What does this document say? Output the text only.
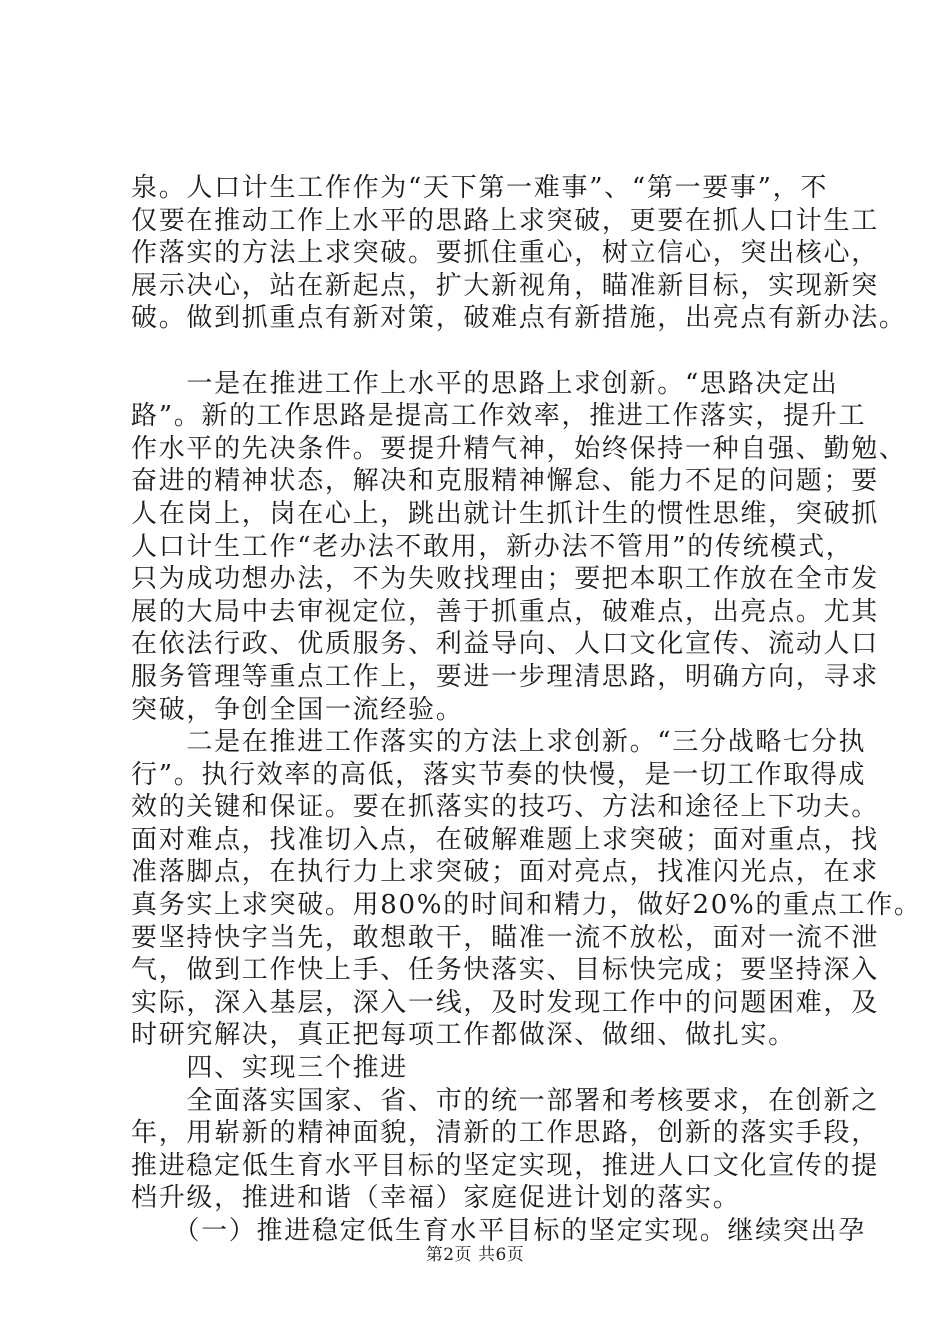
泉。人口计生工作作为“天下第一难事”、“第一要事”，不
仅要在推动工作上水平的思路上求突破，更要在抓人口计生工
作落实的方法上求突破。要抓住重心，树立信心，突出核心，
展示决心，站在新起点，扩大新视角，瞄准新目标，实现新突
破。做到抓重点有新对策，破难点有新措施，出亮点有新办法。
　　一是在推进工作上水平的思路上求创新。“思路决定出
路”。新的工作思路是提高工作效率，推进工作落实，提升工
作水平的先决条件。要提升精气神，始终保持一种自强、勤勉、
奋进的精神状态，解决和克服精神懈怠、能力不足的问题；要
人在岗上，岗在心上，跳出就计生抓计生的惯性思维，突破抓
人口计生工作“老办法不敢用，新办法不管用”的传统模式，
只为成功想办法，不为失败找理由；要把本职工作放在全市发
展的大局中去审视定位，善于抓重点，破难点，出亮点。尤其
在依法行政、优质服务、利益导向、人口文化宣传、流动人口
服务管理等重点工作上，要进一步理清思路，明确方向，寻求
突破，争创全国一流经验。
　　二是在推进工作落实的方法上求创新。“三分战略七分执
行”。执行效率的高低，落实节奏的快慢，是一切工作取得成
效的关键和保证。要在抓落实的技巧、方法和途径上下功夫。
面对难点，找准切入点，在破解难题上求突破；面对重点，找
准落脚点，在执行力上求突破；面对亮点，找准闪光点，在求
真务实上求突破。用80%的时间和精力，做好20%的重点工作。
要坚持快字当先，敢想敢干，瞄准一流不放松，面对一流不泄
气，做到工作快上手、任务快落实、目标快完成；要坚持深入
实际，深入基层，深入一线，及时发现工作中的问题困难，及
时研究解决，真正把每项工作都做深、做细、做扎实。
　　四、实现三个推进
　　全面落实国家、省、市的统一部署和考核要求，在创新之
年，用崭新的精神面貌，清新的工作思路，创新的落实手段，
推进稳定低生育水平目标的坚定实现，推进人口文化宣传的提
档升级，推进和谐（幸福）家庭促进计划的落实。
　　（一）推进稳定低生育水平目标的坚定实现。继续突出孕
第2页 共6页
